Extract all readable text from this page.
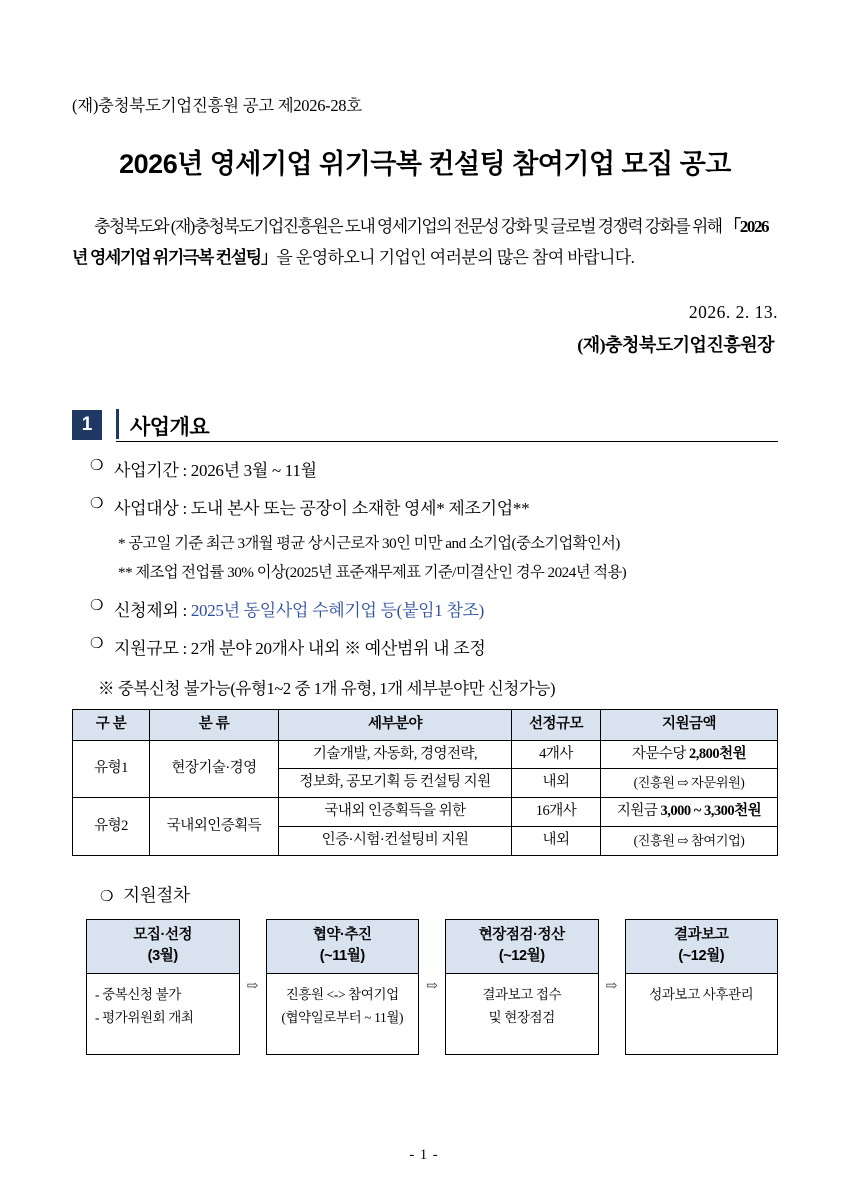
(재)충청북도기업진흥원 공고 제2026-28호
2026년 영세기업 위기극복 컨설팅 참여기업 모집 공고

충청북도와 (재)충청북도기업진흥원은 도내 영세기업의 전문성 강화 및 글로벌 경쟁력 강화를 위해 「2026년 영세기업 위기극복 컨설팅」을 운영하오니 기업인 여러분의 많은 참여 바랍니다.

2026. 2. 13.
(재)충청북도기업진흥원장
1	사업개요
❍ 사업기간 : 2026년 3월 ~ 11월
❍ 사업대상 : 도내 본사 또는 공장이 소재한 영세* 제조기업**
* 공고일 기준 최근 3개월 평균 상시근로자 30인 미만 and 소기업(중소기업확인서)
** 제조업 전업률 30% 이상(2025년 표준재무제표 기준/미결산인 경우 2024년 적용)
❍ 신청제외 : 2025년 동일사업 수혜기업 등(붙임1 참조)
❍ 지원규모 : 2개 분야 20개사 내외 ※ 예산범위 내 조정
※ 중복신청 불가능(유형1~2 중 1개 유형, 1개 세부분야만 신청가능)
구 분	분 류	세부분야	선정규모	지원금액
유형1	현장기술·경영	기술개발, 자동화, 경영전략,	4개사	자문수당 2,800천원
		정보화, 공모기획 등 컨설팅 지원	내외	(진흥원 ⇨ 자문위원)
유형2	국내외인증획득	국내외 인증획득을 위한	16개사	지원금 3,000 ~ 3,300천원
		인증·시험·컨설팅비 지원	내외	(진흥원 ⇨ 참여기업)
❍ 지원절차
모집·선정
(3월)
- 중복신청 불가
- 평가위원회 개최
⇨
협약·추진
(~11월)
진흥원 <-> 참여기업
(협약일로부터 ~ 11월)
⇨
현장점검·정산
(~12월)
결과보고 접수
및 현장점검
⇨
결과보고
(~12월)
성과보고 사후관리
- 1 -
